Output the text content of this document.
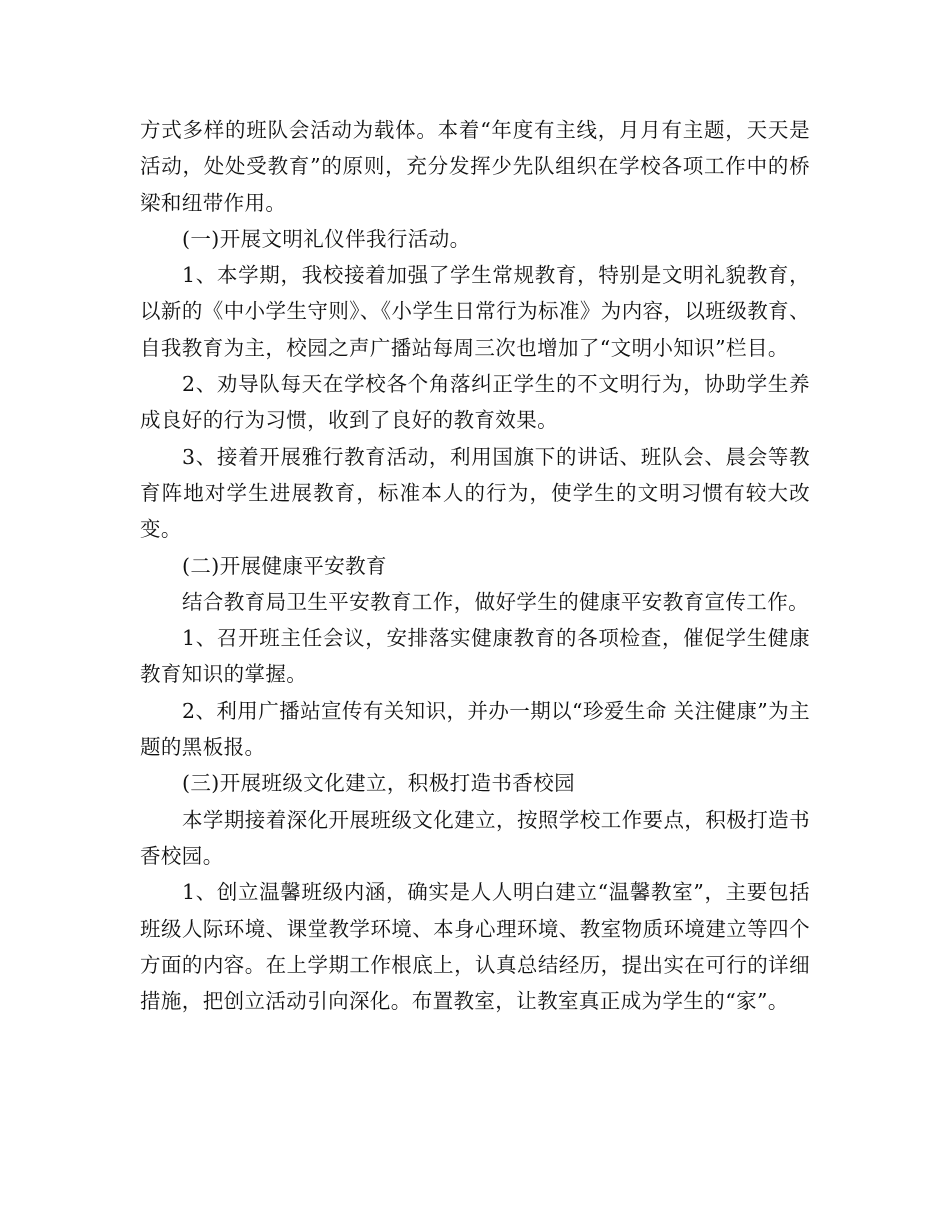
方式多样的班队会活动为载体。本着“年度有主线，月月有主题，天天是活动，处处受教育”的原则，充分发挥少先队组织在学校各项工作中的桥梁和纽带作用。

(一)开展文明礼仪伴我行活动。

1、本学期，我校接着加强了学生常规教育，特别是文明礼貌教育，以新的《中小学生守则》、《小学生日常行为标准》为内容，以班级教育、自我教育为主，校园之声广播站每周三次也增加了“文明小知识”栏目。

2、劝导队每天在学校各个角落纠正学生的不文明行为，协助学生养成良好的行为习惯，收到了良好的教育效果。

3、接着开展雅行教育活动，利用国旗下的讲话、班队会、晨会等教育阵地对学生进展教育，标准本人的行为，使学生的文明习惯有较大改变。

(二)开展健康平安教育

结合教育局卫生平安教育工作，做好学生的健康平安教育宣传工作。

1、召开班主任会议，安排落实健康教育的各项检查，催促学生健康教育知识的掌握。

2、利用广播站宣传有关知识，并办一期以“珍爱生命 关注健康”为主题的黑板报。

(三)开展班级文化建立，积极打造书香校园

本学期接着深化开展班级文化建立，按照学校工作要点，积极打造书香校园。

1、创立温馨班级内涵，确实是人人明白建立“温馨教室”，主要包括班级人际环境、课堂教学环境、本身心理环境、教室物质环境建立等四个方面的内容。在上学期工作根底上，认真总结经历，提出实在可行的详细措施，把创立活动引向深化。布置教室，让教室真正成为学生的“家”。
